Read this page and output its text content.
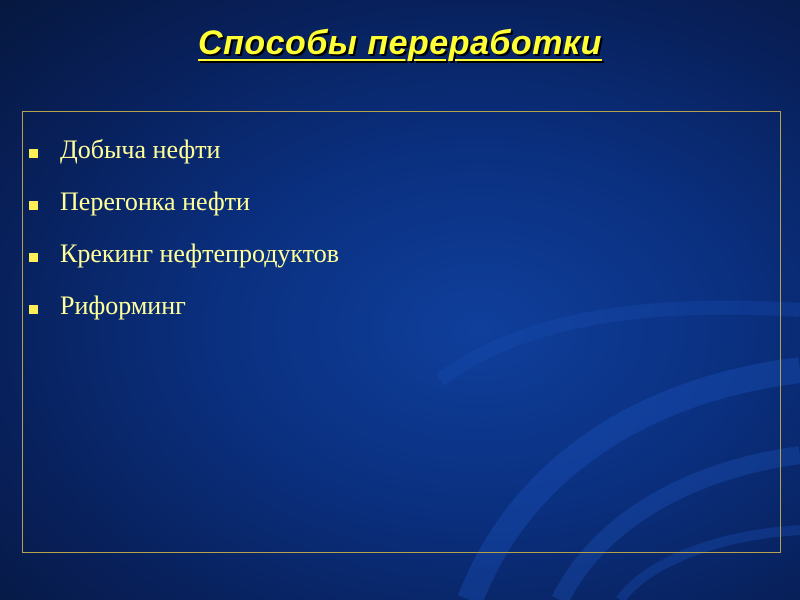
Способы переработки
Добыча нефти
Перегонка нефти
Крекинг нефтепродуктов
Риформинг
